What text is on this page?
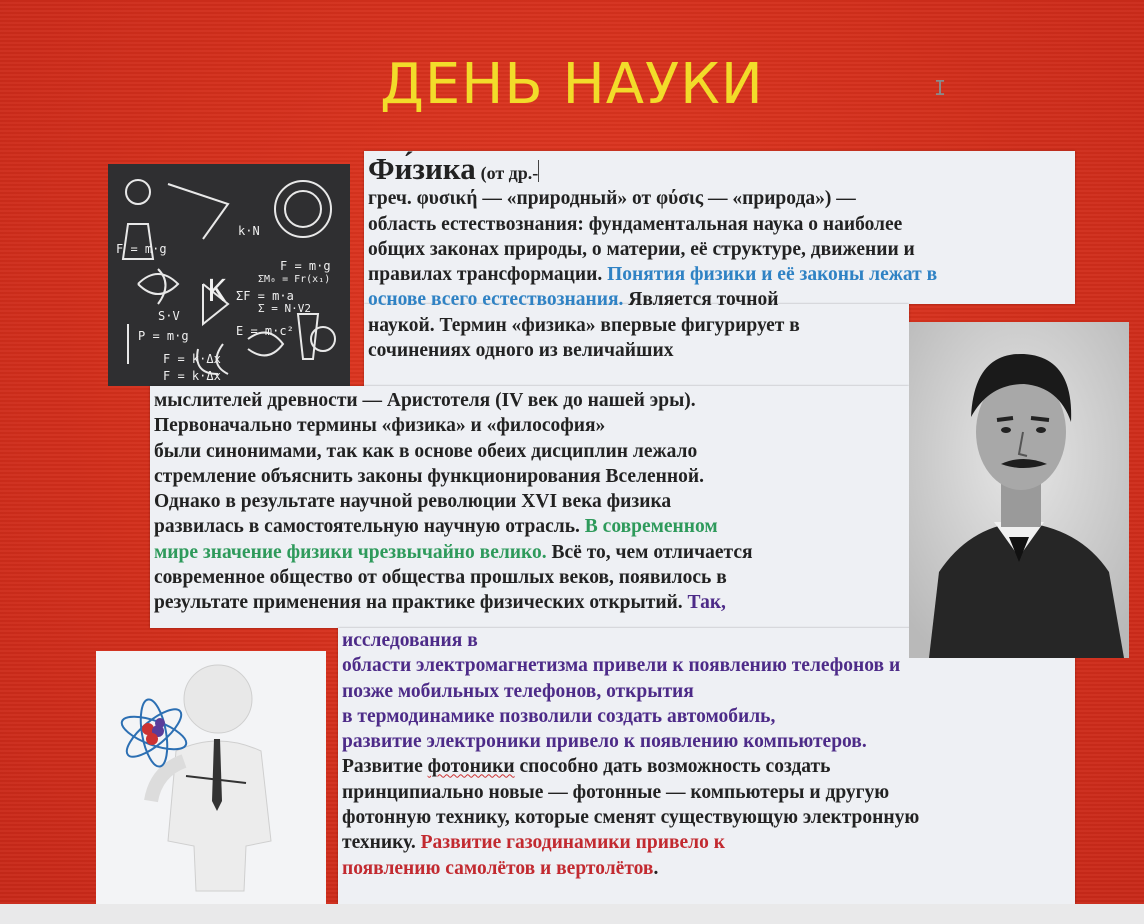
ДЕНЬ НАУКИ	I
F = m·g
F = m·g
ΣF = m·a
E = m·c²
K
F = k·Δx
k·N
ΣM₀ = Fr(x₁)
Σ = N·V2
S·V
P = m·g
F = k·Δx
Фи́зика (от др.-
греч. φυσική — «природный» от φύσις — «природа») —
область естествознания: фундаментальная наука о наиболее
общих законах природы, о материи, её структуре, движении и
правилах трансформации. Понятия физики и её законы лежат в
основе всего естествознания. Является точной
наукой. Термин «физика» впервые фигурирует в
сочинениях одного из величайших
мыслителей древности — Аристотеля (IV век до нашей эры).
Первоначально термины «физика» и «философия»
были синонимами, так как в основе обеих дисциплин лежало
стремление объяснить законы функционирования Вселенной.
Однако в результате научной революции XVI века физика
развилась в самостоятельную научную отрасль. В современном
мире значение физики чрезвычайно велико. Всё то, чем отличается
современное общество от общества прошлых веков, появилось в
результате применения на практике физических открытий. Так,
исследования в
области электромагнетизма привели к появлению телефонов и
позже мобильных телефонов, открытия
в термодинамике позволили создать автомобиль,
развитие электроники привело к появлению компьютеров.
Развитие фотоники способно дать возможность создать
принципиально новые — фотонные — компьютеры и другую
фотонную технику, которые сменят существующую электронную
технику. Развитие газодинамики привело к
появлению самолётов и вертолётов.
